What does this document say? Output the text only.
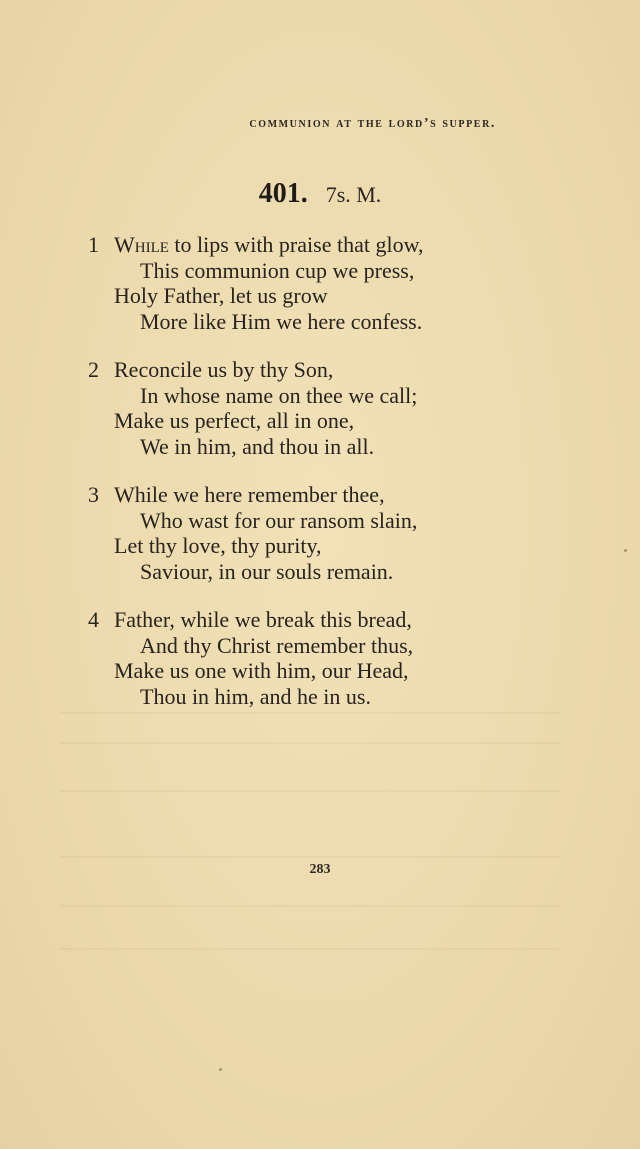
communion at the lord’s supper.
401. 7s. M.
1 While to lips with praise that glow,
This communion cup we press,
Holy Father, let us grow
More like Him we here confess.
2 Reconcile us by thy Son,
In whose name on thee we call;
Make us perfect, all in one,
We in him, and thou in all.
3 While we here remember thee,
Who wast for our ransom slain,
Let thy love, thy purity,
Saviour, in our souls remain.
4 Father, while we break this bread,
And thy Christ remember thus,
Make us one with him, our Head,
Thou in him, and he in us.
283
